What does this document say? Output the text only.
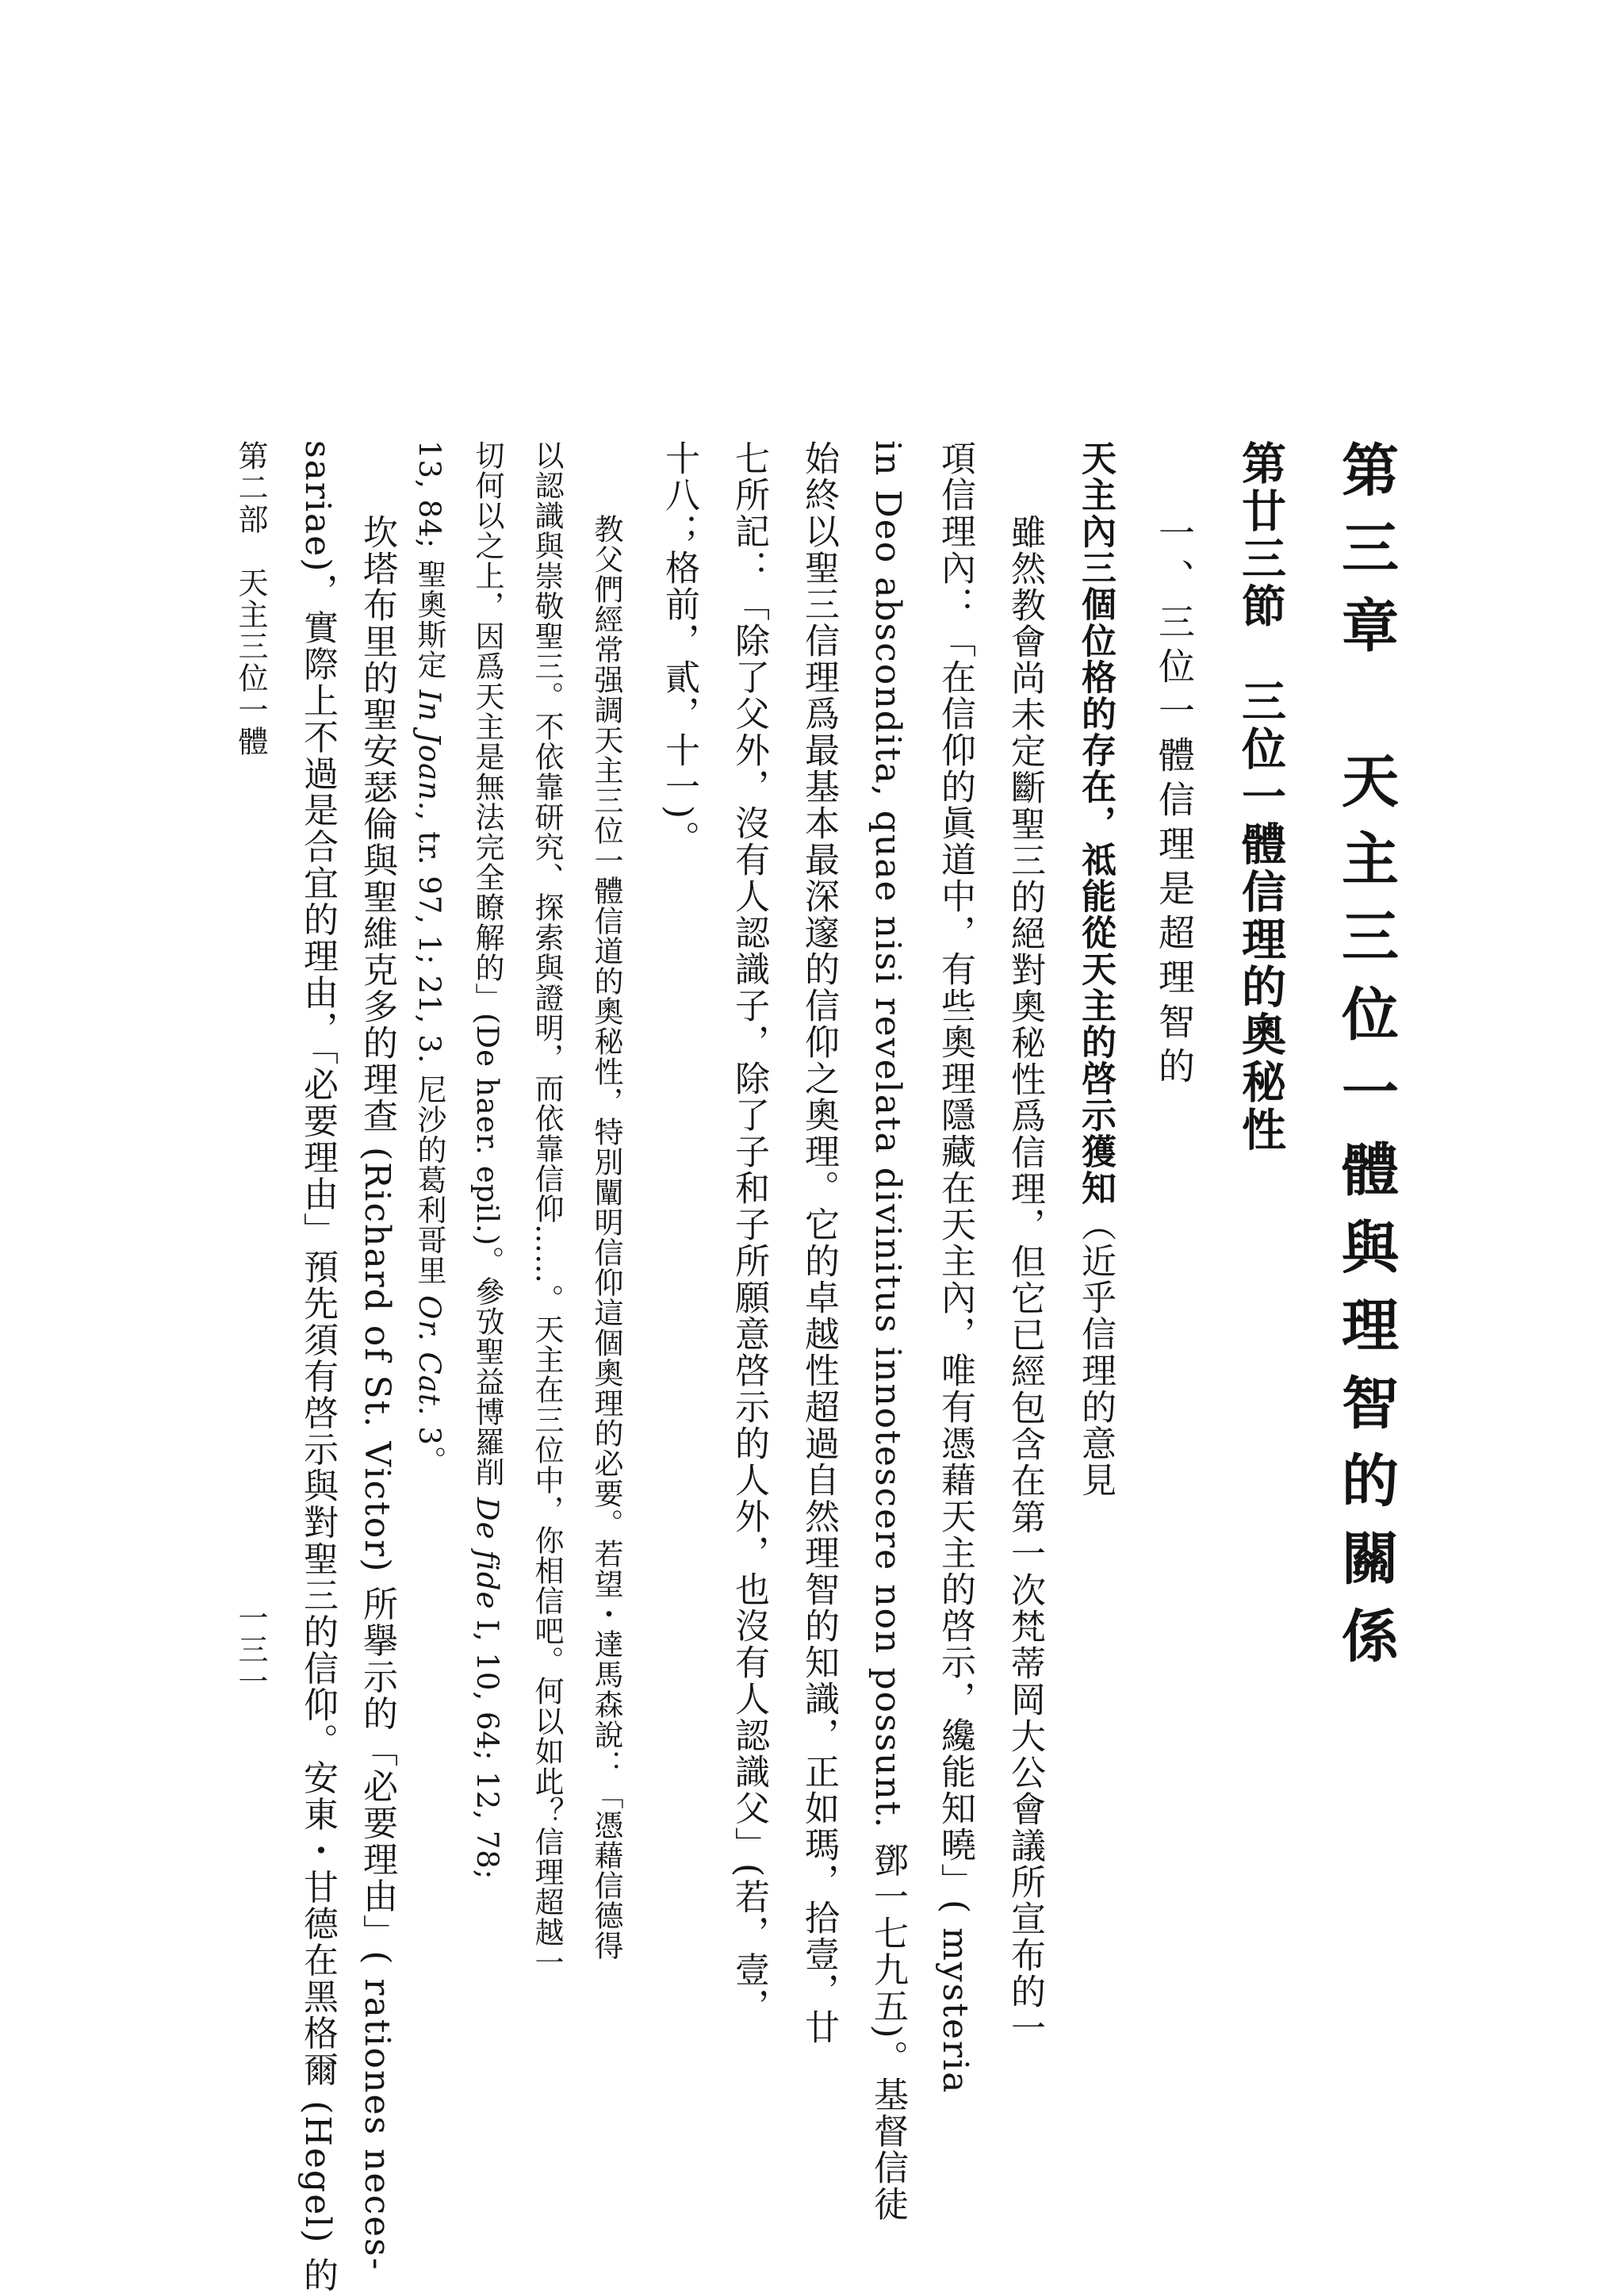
第三章　天主三位一體與理智的關係
第廿三節　三位一體信理的奧秘性
一、三位一體信理是超理智的
天主內三個位格的存在，祗能從天主的啓示獲知（近乎信理的意見
雖然教會尚未定斷聖三的絕對奧秘性爲信理，但它已經包含在第一次梵蒂岡大公會議所宣布的一
項信理內：「在信仰的眞道中，有些奧理隱藏在天主內，唯有憑藉天主的啓示，纔能知曉」( mysteria
in Deo abscondita, quae nisi revelata divinitus innotescere non possunt. 鄧一七九五)。基督信徒
始終以聖三信理爲最基本最深邃的信仰之奧理。它的卓越性超過自然理智的知識，正如瑪，拾壹，廿
七所記：「除了父外，沒有人認識子，除了子和子所願意啓示的人外，也沒有人認識父」(若，壹，
十八；格前，貳，十一)。
教父們經常强調天主三位一體信道的奧秘性，特別闡明信仰這個奧理的必要。若望・達馬森說：「憑藉信德得
以認識與崇敬聖三。不依靠研究、探索與證明，而依靠信仰……。天主在三位中，你相信吧。何以如此？信理超越一
切何以之上，因爲天主是無法完全瞭解的」(De haer. epil.)。參攷聖益博羅削 De fide I, 10, 64; 12, 78;
13, 84; 聖奧斯定 In Joan., tr. 97, 1; 21, 3. 尼沙的葛利哥里 Or. Cat. 3。
坎塔布里的聖安瑟倫與聖維克多的理查 (Richard of St. Victor) 所擧示的「必要理由」( rationes neces-
sariae)，實際上不過是合宜的理由，「必要理由」預先須有啓示與對聖三的信仰。安東・甘德在黑格爾 (Hegel) 的
第二部　天主三位一體
一三一
